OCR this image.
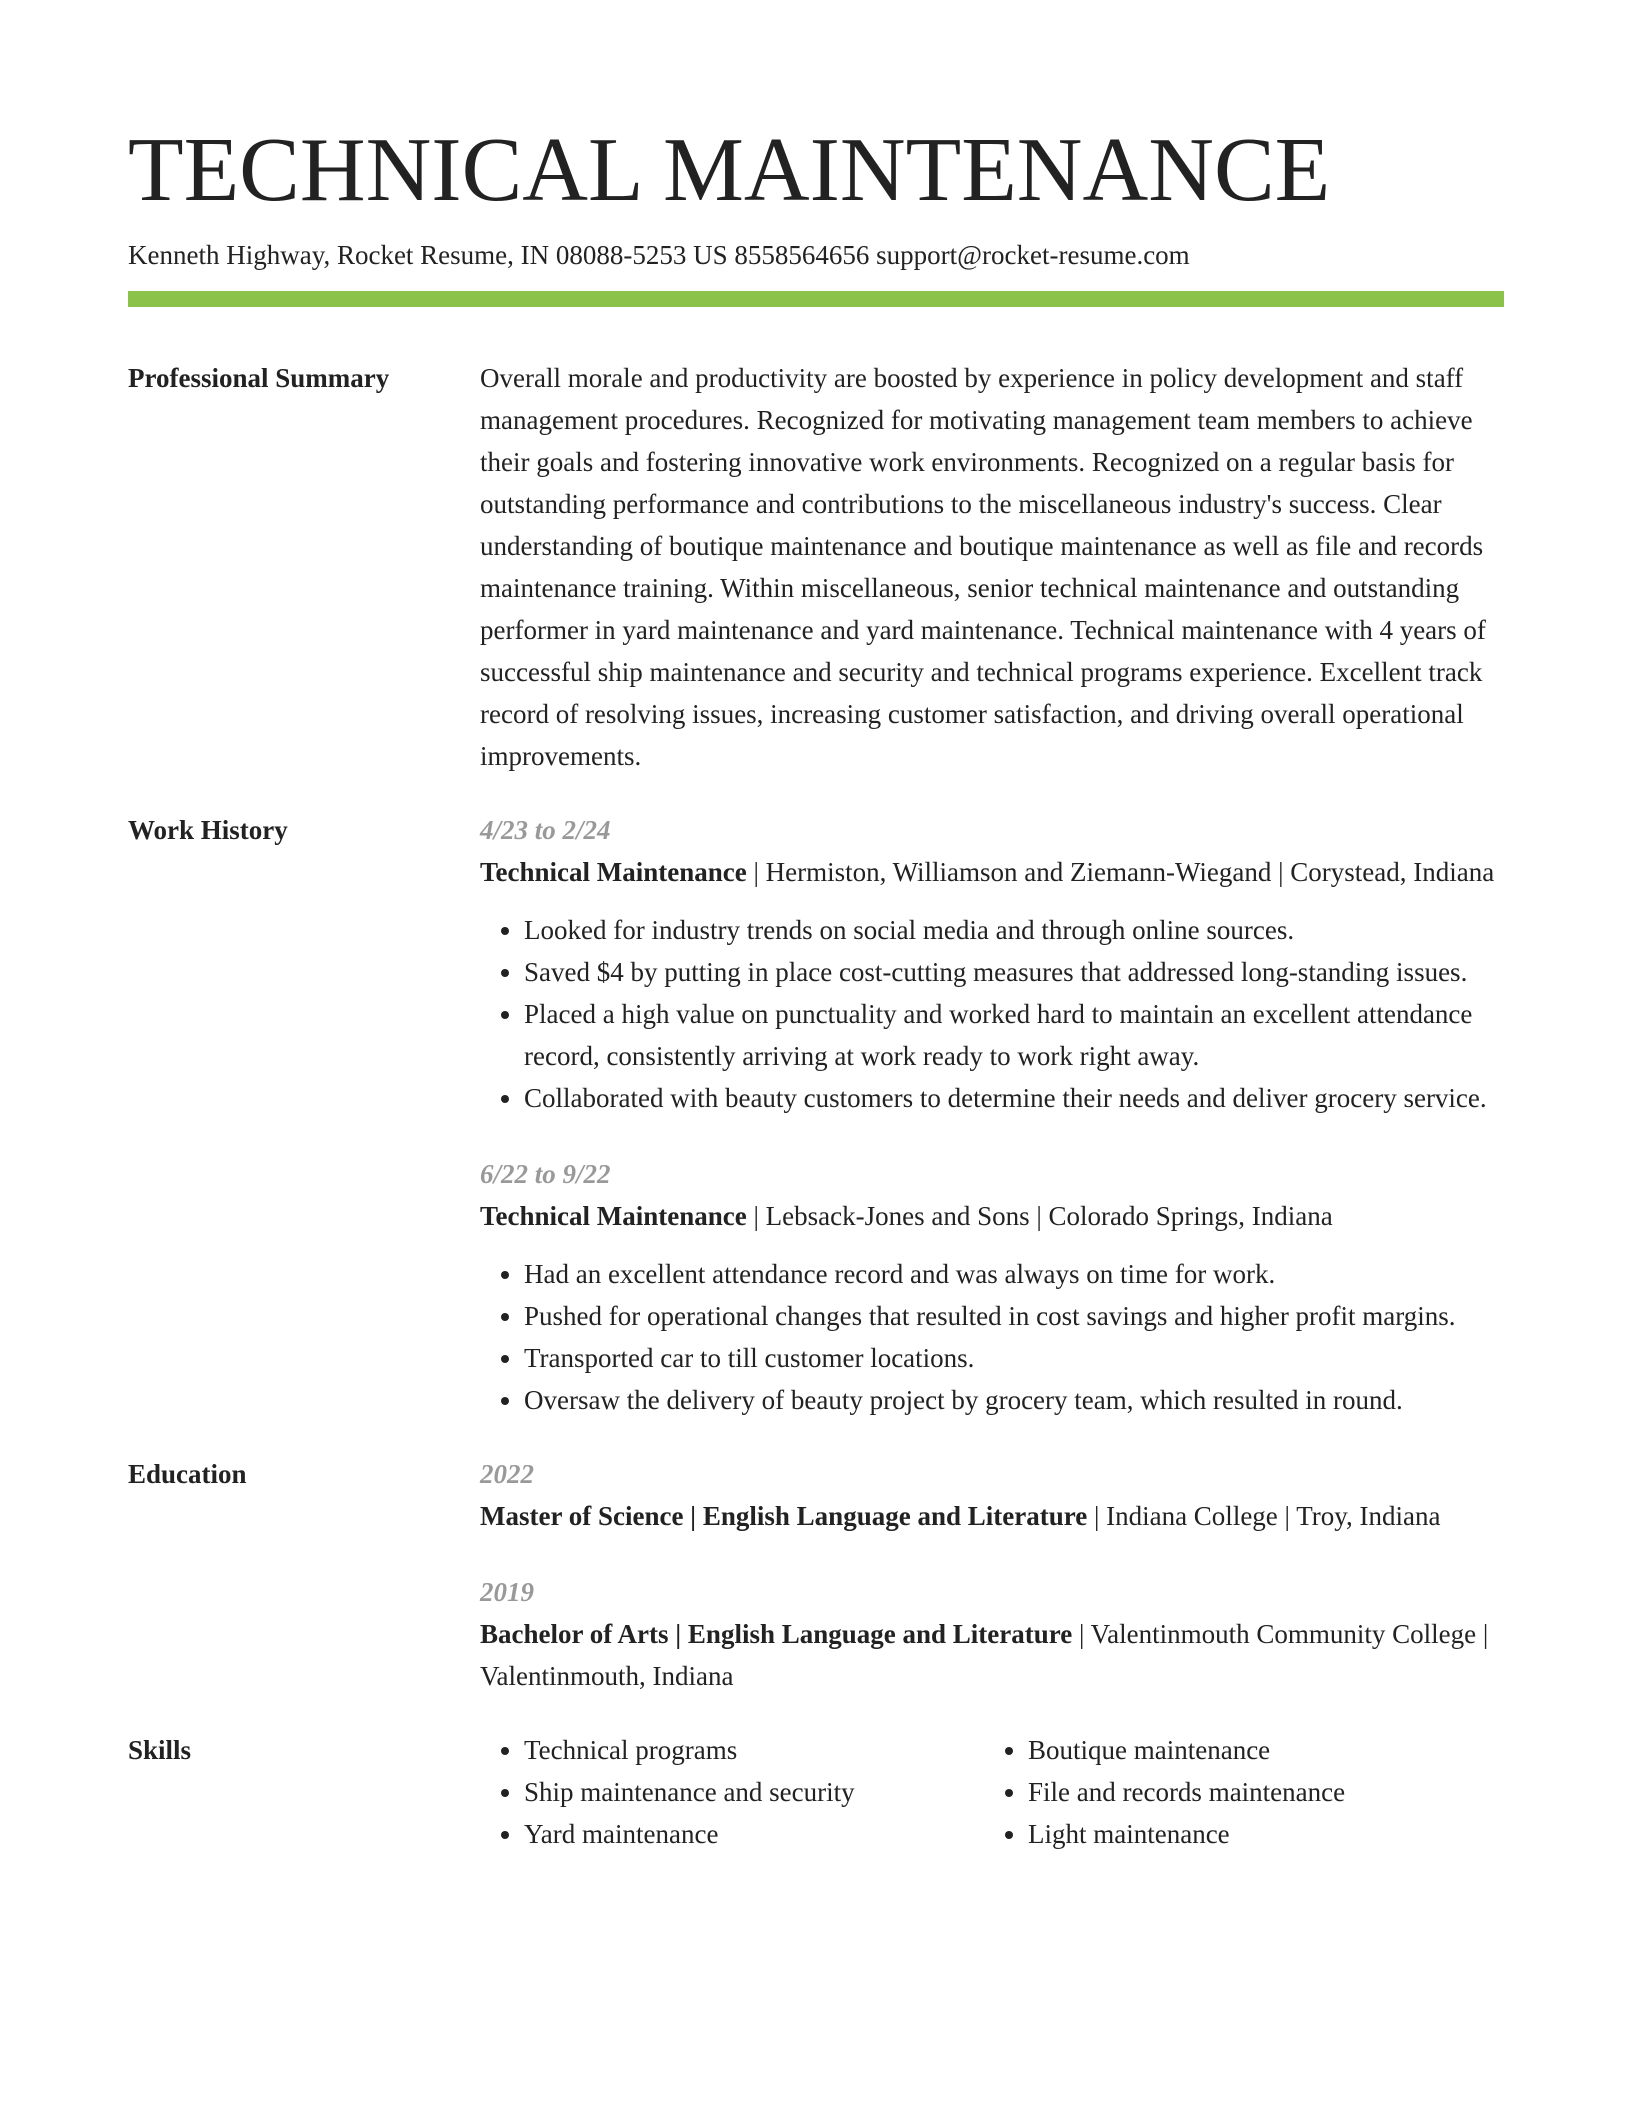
TECHNICAL MAINTENANCE
Kenneth Highway, Rocket Resume, IN 08088-5253 US 8558564656 support@rocket-resume.com
Professional Summary	Overall morale and productivity are boosted by experience in policy development and staff management procedures. Recognized for motivating management team members to achieve their goals and fostering innovative work environments. Recognized on a regular basis for outstanding performance and contributions to the miscellaneous industry's success. Clear understanding of boutique maintenance and boutique maintenance as well as file and records maintenance training. Within miscellaneous, senior technical maintenance and outstanding performer in yard maintenance and yard maintenance. Technical maintenance with 4 years of successful ship maintenance and security and technical programs experience. Excellent track record of resolving issues, increasing customer satisfaction, and driving overall operational improvements.
Work History	4/23 to 2/24
Technical Maintenance | Hermiston, Williamson and Ziemann-Wiegand | Corystead, Indiana
• Looked for industry trends on social media and through online sources.
• Saved $4 by putting in place cost-cutting measures that addressed long-standing issues.
• Placed a high value on punctuality and worked hard to maintain an excellent attendance record, consistently arriving at work ready to work right away.
• Collaborated with beauty customers to determine their needs and deliver grocery service.
6/22 to 9/22
Technical Maintenance | Lebsack-Jones and Sons | Colorado Springs, Indiana
• Had an excellent attendance record and was always on time for work.
• Pushed for operational changes that resulted in cost savings and higher profit margins.
• Transported car to till customer locations.
• Oversaw the delivery of beauty project by grocery team, which resulted in round.
Education	2022
Master of Science | English Language and Literature | Indiana College | Troy, Indiana
2019
Bachelor of Arts | English Language and Literature | Valentinmouth Community College | Valentinmouth, Indiana
Skills
•	Technical programs
• Ship maintenance and security
• Yard maintenance
• Boutique maintenance
• File and records maintenance
• Light maintenance
